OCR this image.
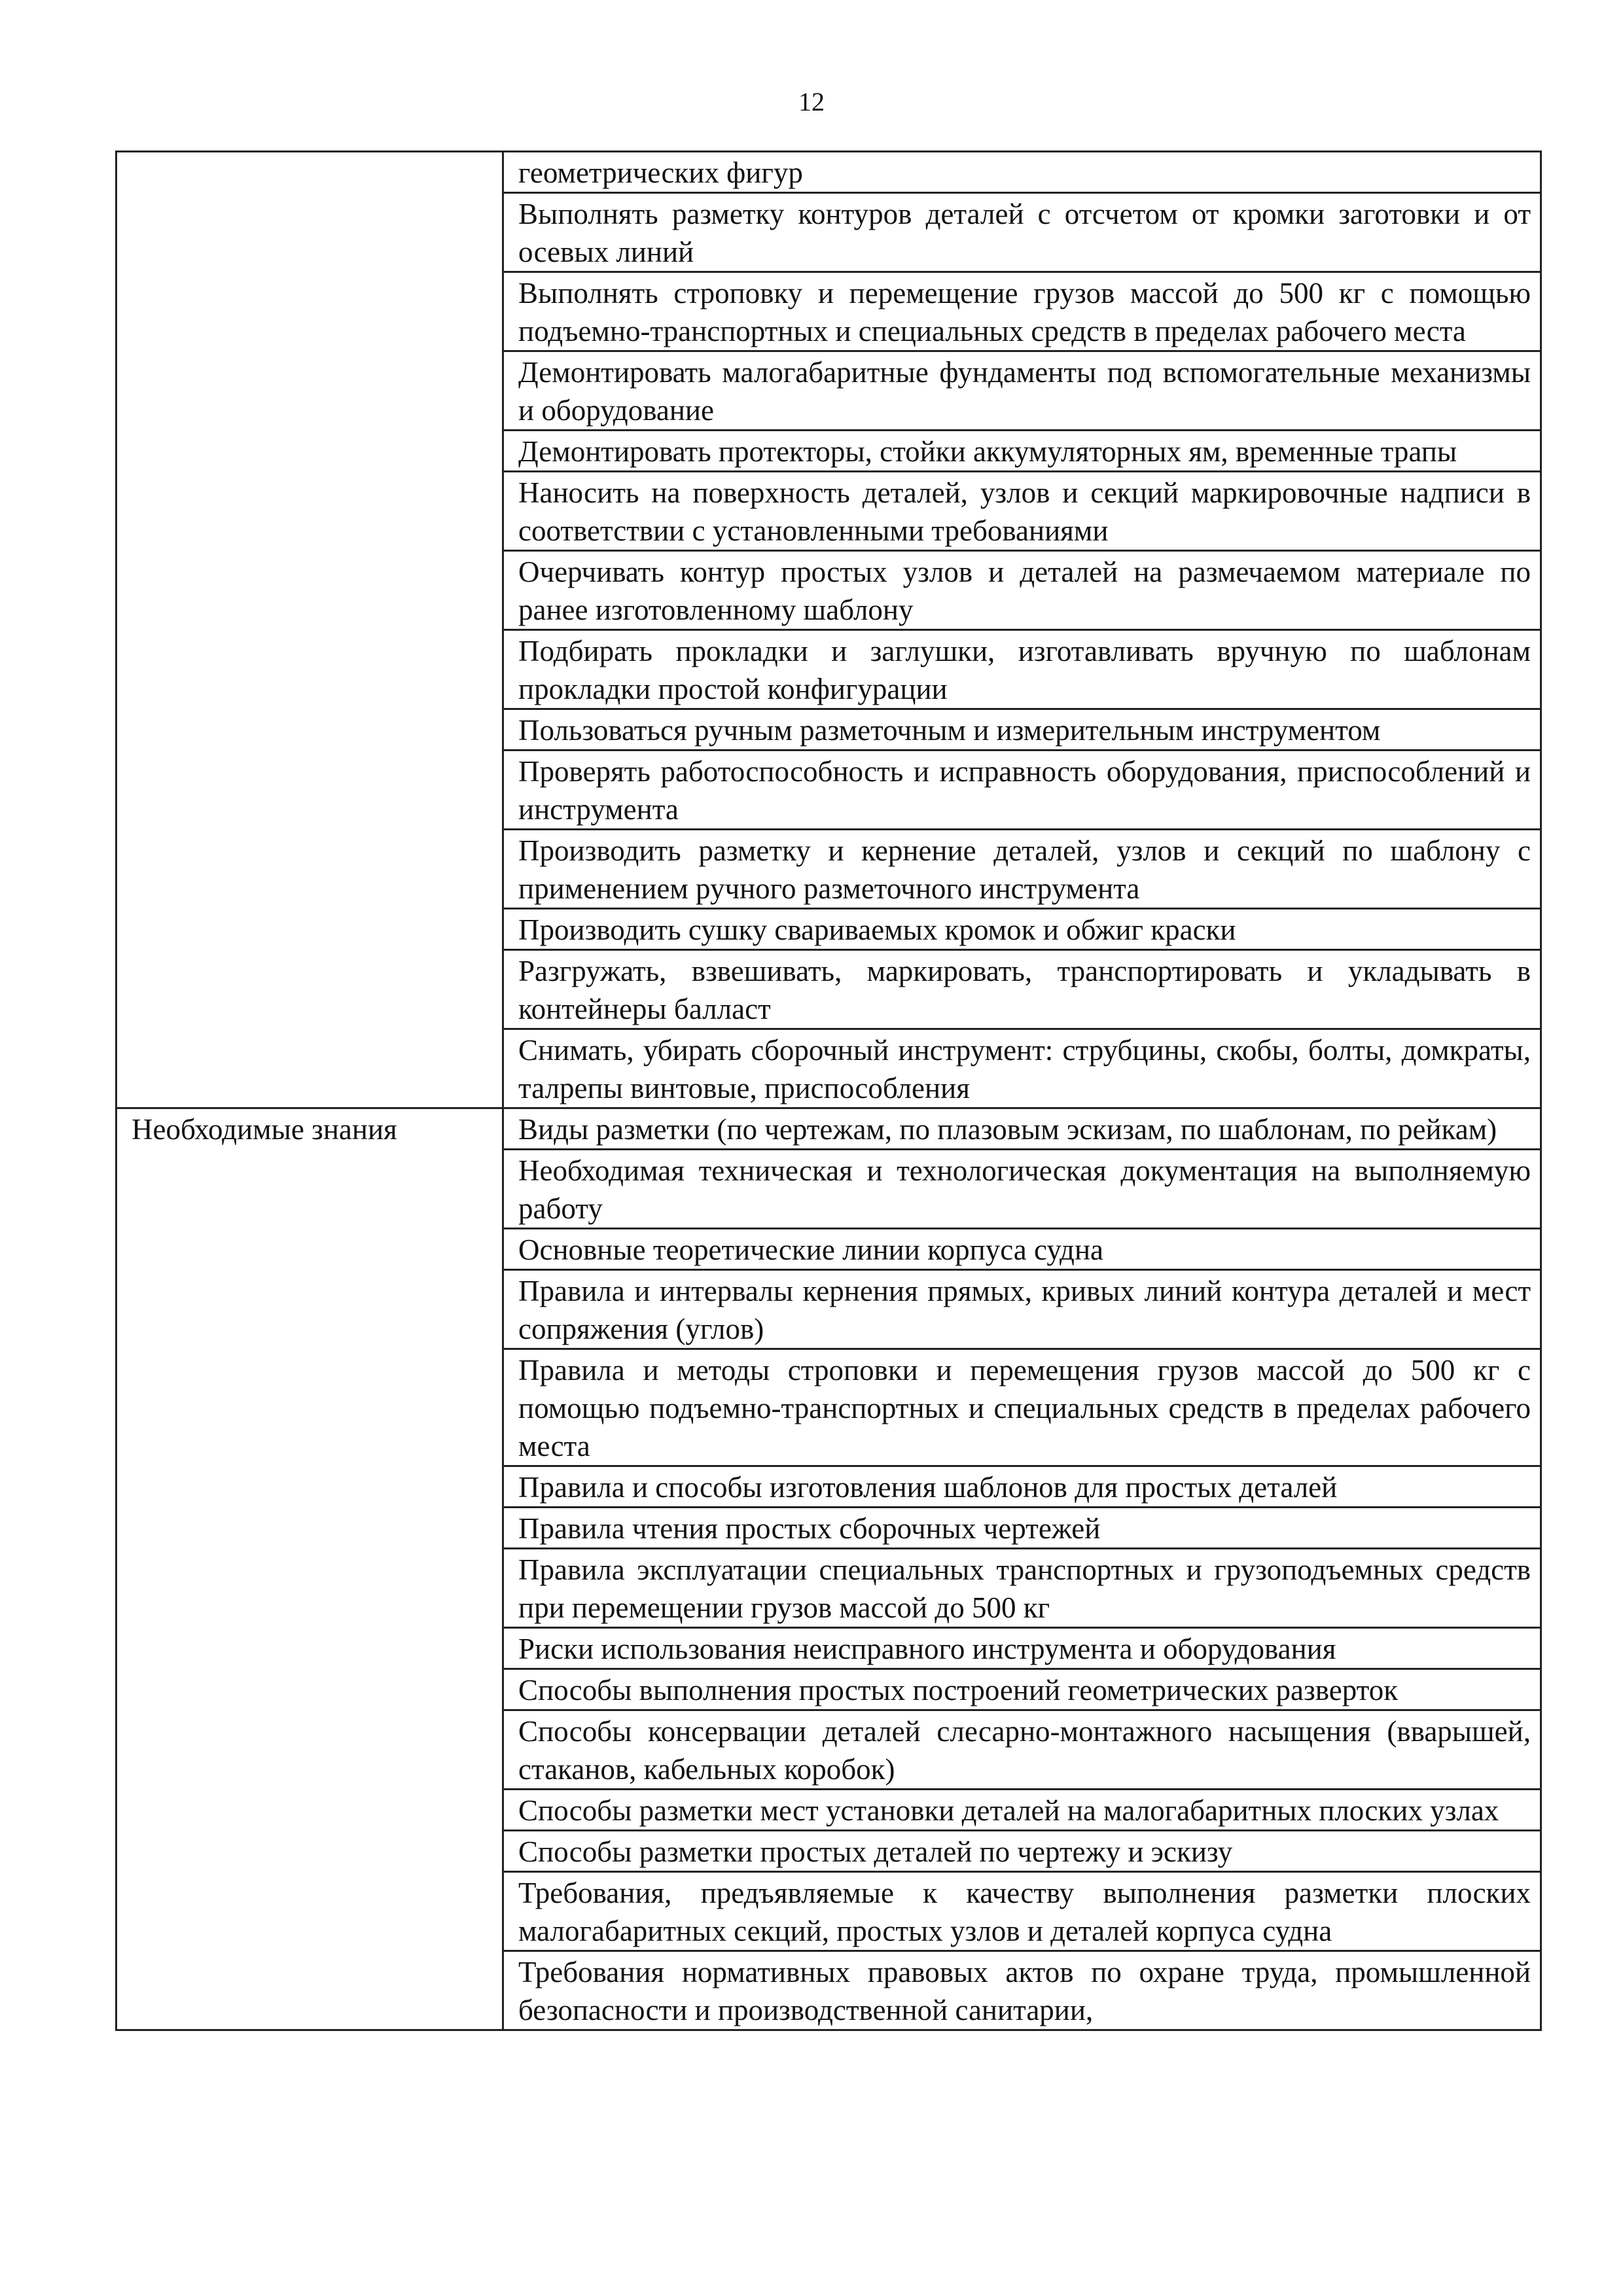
12
	геометрических фигур
	Выполнять разметку контуров деталей с отсчетом от кромки заготовки и от осевых линий
	Выполнять строповку и перемещение грузов массой до 500 кг с помощью подъемно-транспортных и специальных средств в пределах рабочего места
	Демонтировать малогабаритные фундаменты под вспомогательные механизмы и оборудование
	Демонтировать протекторы, стойки аккумуляторных ям, временные трапы
	Наносить на поверхность деталей, узлов и секций маркировочные надписи в соответствии с установленными требованиями
	Очерчивать контур простых узлов и деталей на размечаемом материале по ранее изготовленному шаблону
	Подбирать прокладки и заглушки, изготавливать вручную по шаблонам прокладки простой конфигурации
	Пользоваться ручным разметочным и измерительным инструментом
	Проверять работоспособность и исправность оборудования, приспособлений и инструмента
	Производить разметку и кернение деталей, узлов и секций по шаблону с применением ручного разметочного инструмента
	Производить сушку свариваемых кромок и обжиг краски
	Разгружать, взвешивать, маркировать, транспортировать и укладывать в контейнеры балласт
	Снимать, убирать сборочный инструмент: струбцины, скобы, болты, домкраты, талрепы винтовые, приспособления
Необходимые знания	Виды разметки (по чертежам, по плазовым эскизам, по шаблонам, по рейкам)
	Необходимая техническая и технологическая документация на выполняемую работу
	Основные теоретические линии корпуса судна
	Правила и интервалы кернения прямых, кривых линий контура деталей и мест сопряжения (углов)
	Правила и методы строповки и перемещения грузов массой до 500 кг с помощью подъемно-транспортных и специальных средств в пределах рабочего места
	Правила и способы изготовления шаблонов для простых деталей
	Правила чтения простых сборочных чертежей
	Правила эксплуатации специальных транспортных и грузоподъемных средств при перемещении грузов массой до 500 кг
	Риски использования неисправного инструмента и оборудования
	Способы выполнения простых построений геометрических разверток
	Способы консервации деталей слесарно-монтажного насыщения (вварышей, стаканов, кабельных коробок)
	Способы разметки мест установки деталей на малогабаритных плоских узлах
	Способы разметки простых деталей по чертежу и эскизу
	Требования, предъявляемые к качеству выполнения разметки плоских малогабаритных секций, простых узлов и деталей корпуса судна
	Требования нормативных правовых актов по охране труда, промышленной безопасности и производственной санитарии,
